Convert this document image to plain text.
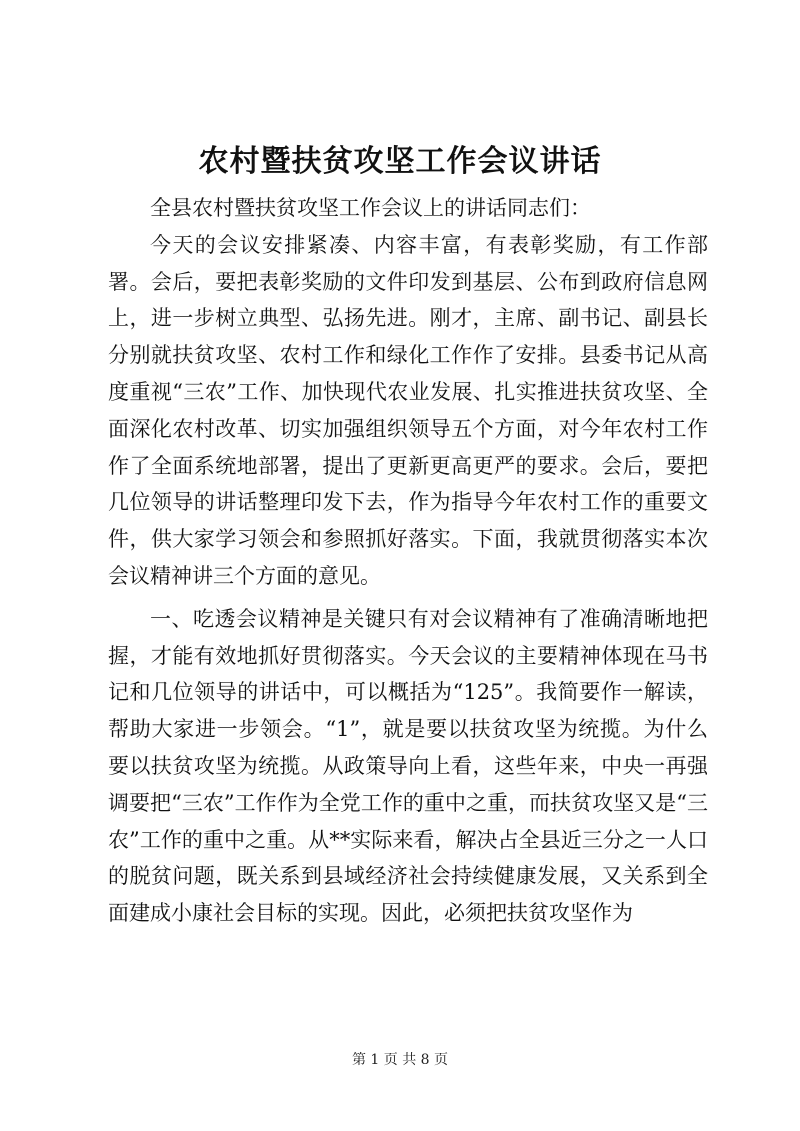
农村暨扶贫攻坚工作会议讲话

全县农村暨扶贫攻坚工作会议上的讲话同志们：

今天的会议安排紧凑、内容丰富，有表彰奖励，有工作部署。会后，要把表彰奖励的文件印发到基层、公布到政府信息网上，进一步树立典型、弘扬先进。刚才，主席、副书记、副县长分别就扶贫攻坚、农村工作和绿化工作作了安排。县委书记从高度重视“三农”工作、加快现代农业发展、扎实推进扶贫攻坚、全面深化农村改革、切实加强组织领导五个方面，对今年农村工作作了全面系统地部署，提出了更新更高更严的要求。会后，要把几位领导的讲话整理印发下去，作为指导今年农村工作的重要文件，供大家学习领会和参照抓好落实。下面，我就贯彻落实本次会议精神讲三个方面的意见。

一、吃透会议精神是关键只有对会议精神有了准确清晰地把握，才能有效地抓好贯彻落实。今天会议的主要精神体现在马书记和几位领导的讲话中，可以概括为“125”。我简要作一解读，帮助大家进一步领会。“1”，就是要以扶贫攻坚为统揽。为什么要以扶贫攻坚为统揽。从政策导向上看，这些年来，中央一再强调要把“三农”工作作为全党工作的重中之重，而扶贫攻坚又是“三农”工作的重中之重。从**实际来看，解决占全县近三分之一人口的脱贫问题，既关系到县域经济社会持续健康发展，又关系到全面建成小康社会目标的实现。因此，必须把扶贫攻坚作为

第 1 页 共 8 页
